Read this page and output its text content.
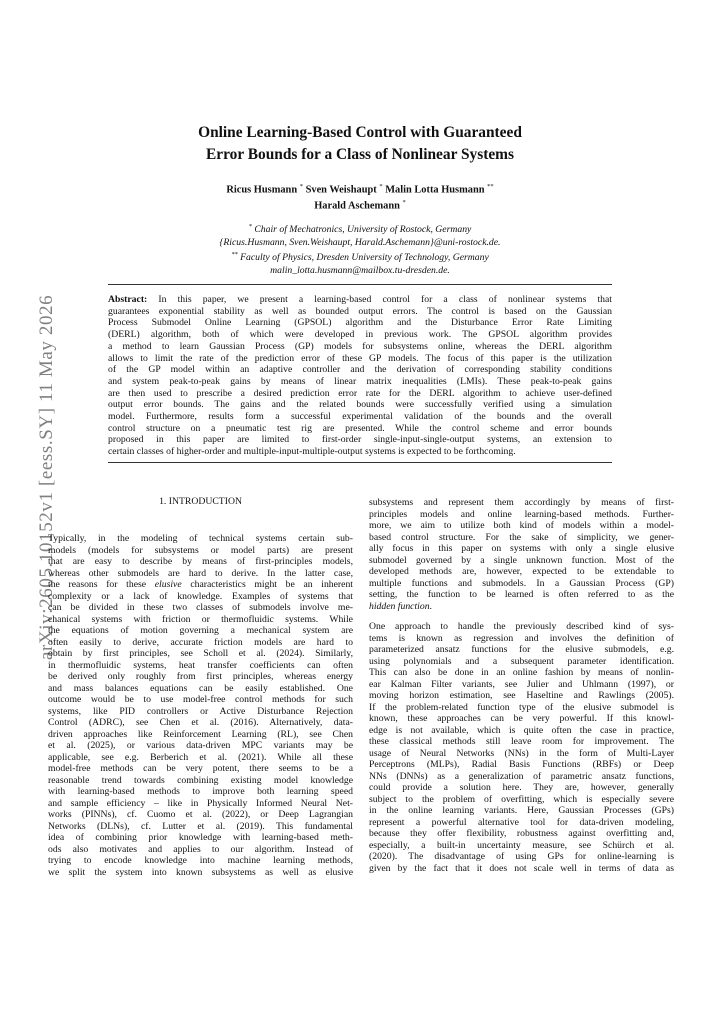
arXiv:2605.10152v1 [eess.SY] 11 May 2026
Online Learning-Based Control with Guaranteed
Error Bounds for a Class of Nonlinear Systems
Ricus Husmann * Sven Weishaupt * Malin Lotta Husmann **
Harald Aschemann *
* Chair of Mechatronics, University of Rostock, Germany
{Ricus.Husmann, Sven.Weishaupt, Harald.Aschemann}@uni-rostock.de.
** Faculty of Physics, Dresden University of Technology, Germany
malin_lotta.husmann@mailbox.tu-dresden.de.
Abstract: In this paper, we present a learning-based control for a class of nonlinear systems that
guarantees exponential stability as well as bounded output errors. The control is based on the Gaussian
Process Submodel Online Learning (GPSOL) algorithm and the Disturbance Error Rate Limiting
(DERL) algorithm, both of which were developed in previous work. The GPSOL algorithm provides
a method to learn Gaussian Process (GP) models for subsystems online, whereas the DERL algorithm
allows to limit the rate of the prediction error of these GP models. The focus of this paper is the utilization
of the GP model within an adaptive controller and the derivation of corresponding stability conditions
and system peak-to-peak gains by means of linear matrix inequalities (LMIs). These peak-to-peak gains
are then used to prescribe a desired prediction error rate for the DERL algorithm to achieve user-defined
output error bounds. The gains and the related bounds were successfully verified using a simulation
model. Furthermore, results form a successful experimental validation of the bounds and the overall
control structure on a pneumatic test rig are presented. While the control scheme and error bounds
proposed in this paper are limited to first-order single-input-single-output systems, an extension to
certain classes of higher-order and multiple-input-multiple-output systems is expected to be forthcoming.
1. INTRODUCTION
Typically, in the modeling of technical systems certain sub-
models (models for subsystems or model parts) are present
that are easy to describe by means of first-principles models,
whereas other submodels are hard to derive. In the latter case,
the reasons for these elusive characteristics might be an inherent
complexity or a lack of knowledge. Examples of systems that
can be divided in these two classes of submodels involve me-
chanical systems with friction or thermofluidic systems. While
the equations of motion governing a mechanical system are
often easily to derive, accurate friction models are hard to
obtain by first principles, see Scholl et al. (2024). Similarly,
in thermofluidic systems, heat transfer coefficients can often
be derived only roughly from first principles, whereas energy
and mass balances equations can be easily established. One
outcome would be to use model-free control methods for such
systems, like PID controllers or Active Disturbance Rejection
Control (ADRC), see Chen et al. (2016). Alternatively, data-
driven approaches like Reinforcement Learning (RL), see Chen
et al. (2025), or various data-driven MPC variants may be
applicable, see e.g. Berberich et al. (2021). While all these
model-free methods can be very potent, there seems to be a
reasonable trend towards combining existing model knowledge
with learning-based methods to improve both learning speed
and sample efficiency – like in Physically Informed Neural Net-
works (PINNs), cf. Cuomo et al. (2022), or Deep Lagrangian
Networks (DLNs), cf. Lutter et al. (2019). This fundamental
idea of combining prior knowledge with learning-based meth-
ods also motivates and applies to our algorithm. Instead of
trying to encode knowledge into machine learning methods,
we split the system into known subsystems as well as elusive
subsystems and represent them accordingly by means of first-
principles models and online learning-based methods. Further-
more, we aim to utilize both kind of models within a model-
based control structure. For the sake of simplicity, we gener-
ally focus in this paper on systems with only a single elusive
submodel governed by a single unknown function. Most of the
developed methods are, however, expected to be extendable to
multiple functions and submodels. In a Gaussian Process (GP)
setting, the function to be learned is often referred to as the
hidden function.
One approach to handle the previously described kind of sys-
tems is known as regression and involves the definition of
parameterized ansatz functions for the elusive submodels, e.g.
using polynomials and a subsequent parameter identification.
This can also be done in an online fashion by means of nonlin-
ear Kalman Filter variants, see Julier and Uhlmann (1997), or
moving horizon estimation, see Haseltine and Rawlings (2005).
If the problem-related function type of the elusive submodel is
known, these approaches can be very powerful. If this knowl-
edge is not available, which is quite often the case in practice,
these classical methods still leave room for improvement. The
usage of Neural Networks (NNs) in the form of Multi-Layer
Perceptrons (MLPs), Radial Basis Functions (RBFs) or Deep
NNs (DNNs) as a generalization of parametric ansatz functions,
could provide a solution here. They are, however, generally
subject to the problem of overfitting, which is especially severe
in the online learning variants. Here, Gaussian Processes (GPs)
represent a powerful alternative tool for data-driven modeling,
because they offer flexibility, robustness against overfitting and,
especially, a built-in uncertainty measure, see Schürch et al.
(2020). The disadvantage of using GPs for online-learning is
given by the fact that it does not scale well in terms of data as
